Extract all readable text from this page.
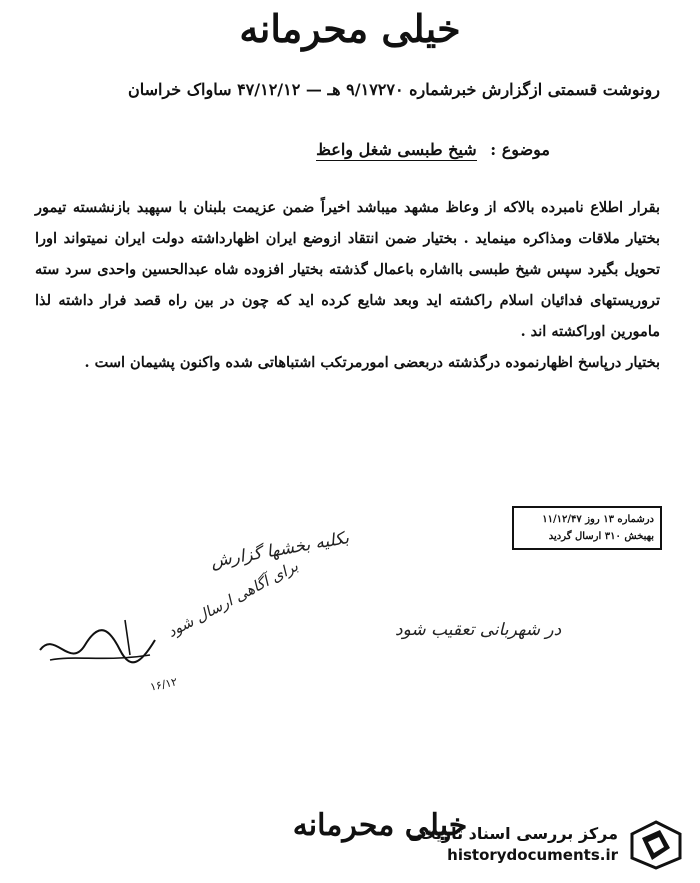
خیلی محرمانه
رونوشت قسمتی ازگزارش خبرشماره ۹/۱۷۲۷۰ هـ — ۴۷/۱۲/۱۲ ساواک خراسان
موضوع : شیخ طبسی شغل واعظ

بقرار اطلاع نامبرده بالاکه از وعاظ مشهد میباشد اخیراً ضمن عزیمت بلبنان با سپهبد بازنشسته تیمور بختیار ملاقات ومذاکره مینماید . بختیار ضمن انتقاد ازوضع ایران اظهارداشته دولت ایران نمیتواند اورا تحویل بگیرد سپس شیخ طبسی بااشاره باعمال گذشته بختیار افزوده شاه عبدالحسین واحدی سرد سته تروریستهای فدائیان اسلام راکشته اید وبعد شایع کرده اید که چون در بین راه قصد فرار داشته لذا مامورین اوراکشته اند .

بختیار درپاسخ اظهارنموده درگذشته دربعضی امورمرتکب اشتباهاتی شده واکنون پشیمان است .

درشماره ۱۳ روز ۱۱/۱۲/۴۷
بهبخش ۳۱۰ ارسال گردید
بکلیه بخشها گزارش
براى آگاهى ارسال شود	در شهربانى تعقیب شود
۱۶/۱۲
خیلی محرمانه
مرکز بررسی اسناد تاریخی
historydocuments.ir
